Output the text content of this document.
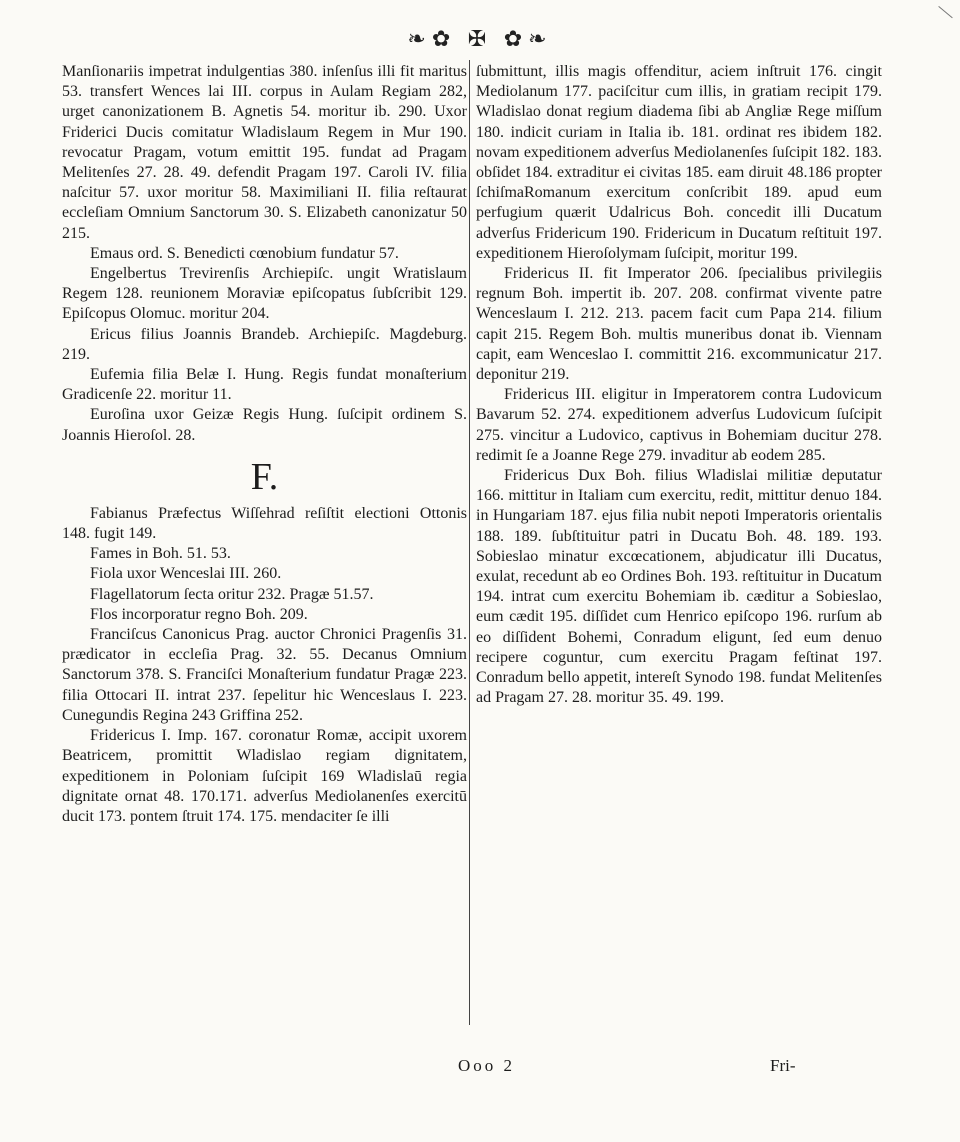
❧✿ ✠ ✿❧

Manſionariis impetrat indulgentias 380. inſenſus illi fit maritus 53. transfert Wences lai III. corpus in Aulam Regiam 282, urget canonizationem B. Agnetis 54. moritur ib. 290. Uxor Friderici Ducis comitatur Wladislaum Regem in Mur 190. revocatur Pragam, votum emittit 195. fundat ad Pragam Melitenſes 27. 28. 49. defendit Pragam 197. Caroli IV. filia naſcitur 57. uxor moritur 58. Maximiliani II. filia reſtaurat eccleſiam Omnium Sanctorum 30. S. Elizabeth canonizatur 50 215.

Emaus ord. S. Benedicti cœnobium fundatur 57.

Engelbertus Trevirenſis Archiepiſc. ungit Wratislaum Regem 128. reunionem Moraviæ epiſcopatus ſubſcribit 129. Epiſcopus Olomuc. moritur 204.

Ericus filius Joannis Brandeb. Archiepiſc. Magdeburg. 219.

Eufemia filia Belæ I. Hung. Regis fundat monaſterium Gradicenſe 22. moritur 11.

Euroſina uxor Geizæ Regis Hung. ſuſcipit ordinem S. Joannis Hieroſol. 28.

F.

Fabianus Præfectus Wiſſehrad reſiſtit electioni Ottonis 148. fugit 149.

Fames in Boh. 51. 53.

Fiola uxor Wenceslai III. 260.

Flagellatorum ſecta oritur 232. Pragæ 51.57.

Flos incorporatur regno Boh. 209.

Franciſcus Canonicus Prag. auctor Chronici Pragenſis 31. prædicator in eccleſia Prag. 32. 55. Decanus Omnium Sanctorum 378. S. Franciſci Monaſterium fundatur Pragæ 223. filia Ottocari II. intrat 237. ſepelitur hic Wenceslaus I. 223. Cunegundis Regina 243 Griffina 252.

Fridericus I. Imp. 167. coronatur Romæ, accipit uxorem Beatricem, promittit Wladislao regiam dignitatem, expeditionem in Poloniam ſuſcipit 169 Wladislaū regia dignitate ornat 48. 170.171. adverſus Mediolanenſes exercitū ducit 173. pontem ſtruit 174. 175. mendaciter ſe illi

ſubmittunt, illis magis offenditur, aciem inſtruit 176. cingit Mediolanum 177. paciſcitur cum illis, in gratiam recipit 179. Wladislao donat regium diadema ſibi ab Angliæ Rege miſſum 180. indicit curiam in Italia ib. 181. ordinat res ibidem 182. novam expeditionem adverſus Mediolanenſes ſuſcipit 182. 183. obſidet 184. extraditur ei civitas 185. eam diruit 48.186 propter ſchiſmaRomanum exercitum conſcribit 189. apud eum perfugium quærit Udalricus Boh. concedit illi Ducatum adverſus Fridericum 190. Fridericum in Ducatum reſtituit 197. expeditionem Hieroſolymam ſuſcipit, moritur 199.

Fridericus II. fit Imperator 206. ſpecialibus privilegiis regnum Boh. impertit ib. 207. 208. confirmat vivente patre Wenceslaum I. 212. 213. pacem facit cum Papa 214. filium capit 215. Regem Boh. multis muneribus donat ib. Viennam capit, eam Wenceslao I. committit 216. excommunicatur 217. deponitur 219.

Fridericus III. eligitur in Imperatorem contra Ludovicum Bavarum 52. 274. expeditionem adverſus Ludovicum ſuſcipit 275. vincitur a Ludovico, captivus in Bohemiam ducitur 278. redimit ſe a Joanne Rege 279. invaditur ab eodem 285.

Fridericus Dux Boh. filius Wladislai militiæ deputatur 166. mittitur in Italiam cum exercitu, redit, mittitur denuo 184. in Hungariam 187. ejus filia nubit nepoti Imperatoris orientalis 188. 189. ſubſtituitur patri in Ducatu Boh. 48. 189. 193. Sobieslao minatur excœcationem, abjudicatur illi Ducatus, exulat, recedunt ab eo Ordines Boh. 193. reſtituitur in Ducatum 194. intrat cum exercitu Bohemiam ib. cæditur a Sobieslao, eum cædit 195. diſſidet cum Henrico epiſcopo 196. rurſum ab eo diſſident Bohemi, Conradum eligunt, ſed eum denuo recipere coguntur, cum exercitu Pragam feſtinat 197. Conradum bello appetit, intereſt Synodo 198. fundat Melitenſes ad Pragam 27. 28. moritur 35. 49. 199.

Ooo 2	Fri-
